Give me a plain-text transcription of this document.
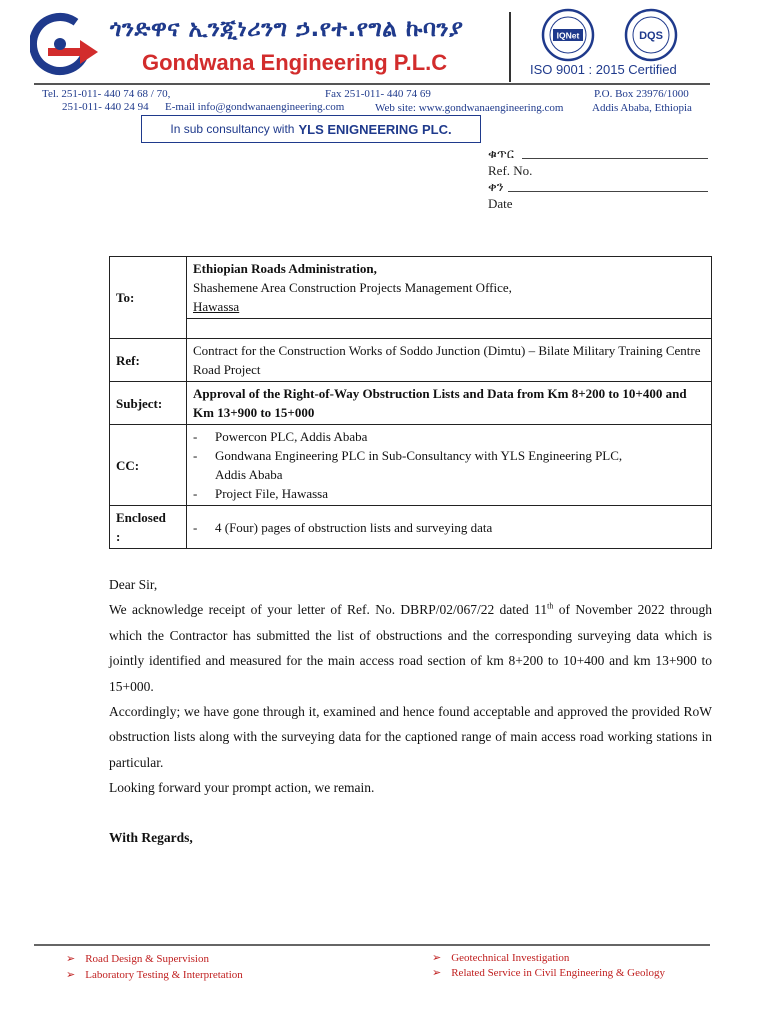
ጎንድዋና ኢንጂነሪንግ ኃ.የተ.የግል ኩባንያ
Gondwana Engineering P.L.C
IQNet	DQS
ISO 9001 : 2015 Certified
Tel. 251-011- 440 74 68 / 70,
251-011- 440 24 94 E-mail info@gondwanaengineering.com
Fax 251-011- 440 74 69
Web site: www.gondwanaengineering.com
P.O. Box 23976/1000
Addis Ababa, Ethiopia
In sub consultancy with YLS ENIGNEERING PLC.
ቁጥር
Ref. No.
ቀን
Date
To:	Ethiopian Roads Administration,
Shashemene Area Construction Projects Management Office,
Hawassa

Ref:	Contract for the Construction Works of Soddo Junction (Dimtu) – Bilate Military Training Centre Road Project
Subject:	Approval of the Right-of-Way Obstruction Lists and Data from Km 8+200 to 10+400 and Km 13+900 to 15+000
CC:	- Powercon PLC, Addis Ababa
- Gondwana Engineering PLC in Sub-Consultancy with YLS Engineering PLC,

Addis Ababa
- Project File, Hawassa
Enclosed
:	- 4 (Four) pages of obstruction lists and surveying data

Dear Sir,

We acknowledge receipt of your letter of Ref. No. DBRP/02/067/22 dated 11th of November 2022 through which the Contractor has submitted the list of obstructions and the corresponding surveying data which is jointly identified and measured for the main access road section of km 8+200 to 10+400 and km 13+900 to 15+000.

Accordingly; we have gone through it, examined and hence found acceptable and approved the provided RoW obstruction lists along with the surveying data for the captioned range of main access road working stations in particular.

Looking forward your prompt action, we remain.

With Regards,

➢ Road Design & Supervision
➢ Laboratory Testing & Interpretation
➢ Geotechnical Investigation
➢ Related Service in Civil Engineering & Geology
